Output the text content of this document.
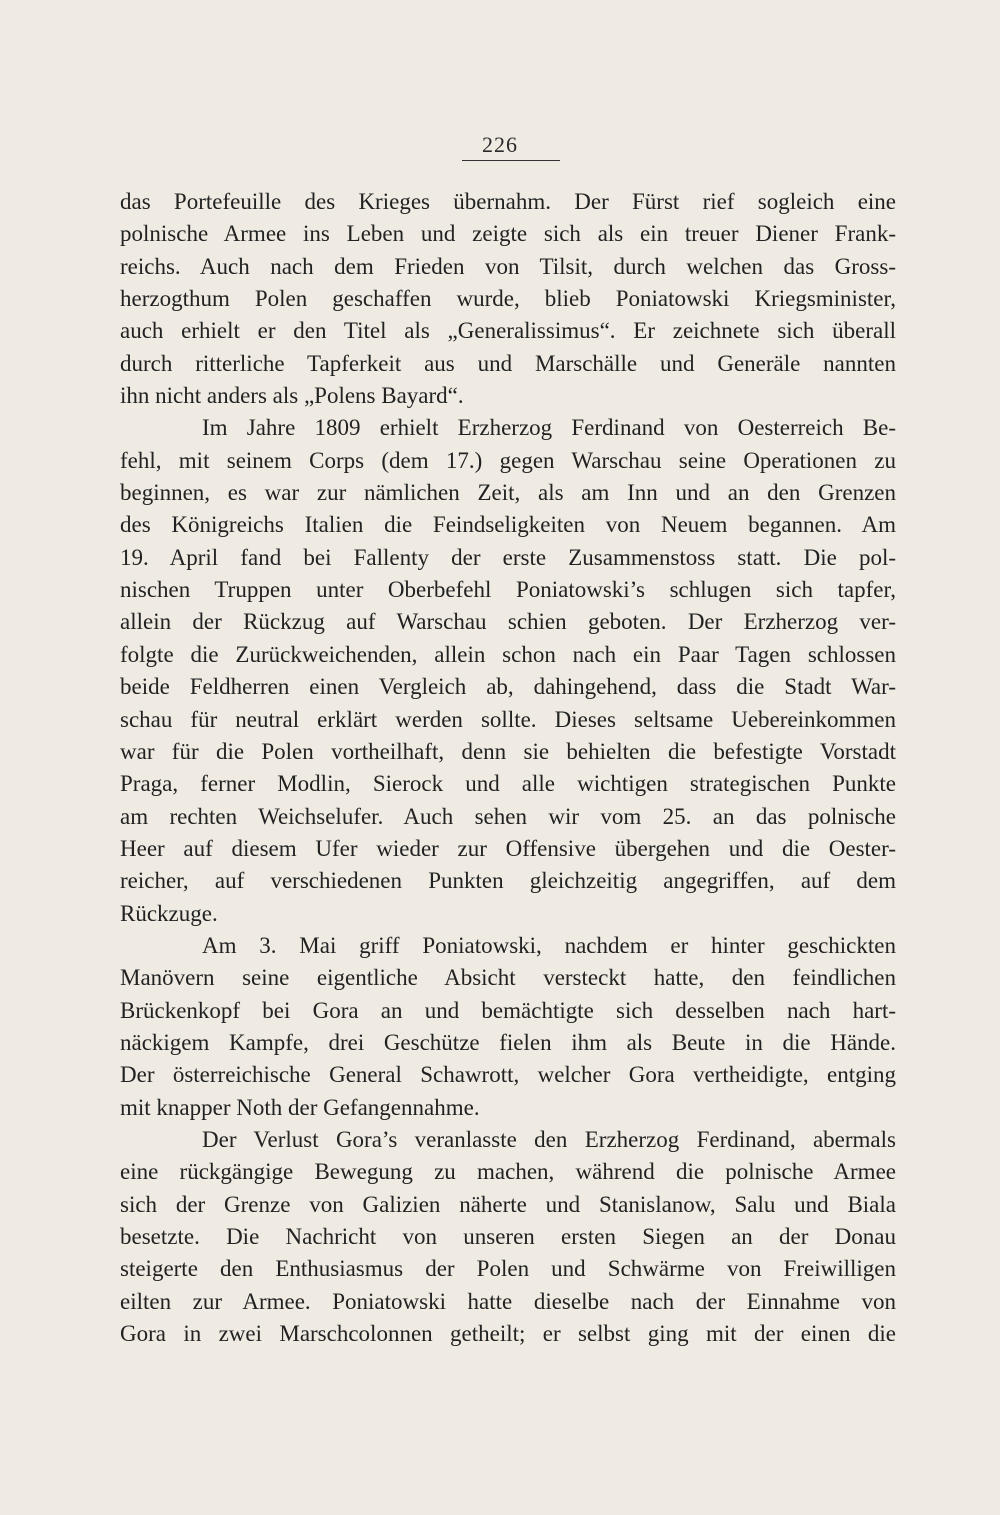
226
das Portefeuille des Krieges übernahm. Der Fürst rief sogleich eine
polnische Armee ins Leben und zeigte sich als ein treuer Diener Frank-
reichs. Auch nach dem Frieden von Tilsit, durch welchen das Gross-
herzogthum Polen geschaffen wurde, blieb Poniatowski Kriegsminister,
auch erhielt er den Titel als „Generalissimus“. Er zeichnete sich überall
durch ritterliche Tapferkeit aus und Marschälle und Generäle nannten
ihn nicht anders als „Polens Bayard“.
Im Jahre 1809 erhielt Erzherzog Ferdinand von Oesterreich Be-
fehl, mit seinem Corps (dem 17.) gegen Warschau seine Operationen zu
beginnen, es war zur nämlichen Zeit, als am Inn und an den Grenzen
des Königreichs Italien die Feindseligkeiten von Neuem begannen. Am
19. April fand bei Fallenty der erste Zusammenstoss statt. Die pol-
nischen Truppen unter Oberbefehl Poniatowski’s schlugen sich tapfer,
allein der Rückzug auf Warschau schien geboten. Der Erzherzog ver-
folgte die Zurückweichenden, allein schon nach ein Paar Tagen schlossen
beide Feldherren einen Vergleich ab, dahingehend, dass die Stadt War-
schau für neutral erklärt werden sollte. Dieses seltsame Uebereinkommen
war für die Polen vortheilhaft, denn sie behielten die befestigte Vorstadt
Praga, ferner Modlin, Sierock und alle wichtigen strategischen Punkte
am rechten Weichselufer. Auch sehen wir vom 25. an das polnische
Heer auf diesem Ufer wieder zur Offensive übergehen und die Oester-
reicher, auf verschiedenen Punkten gleichzeitig angegriffen, auf dem
Rückzuge.
Am 3. Mai griff Poniatowski, nachdem er hinter geschickten
Manövern seine eigentliche Absicht versteckt hatte, den feindlichen
Brückenkopf bei Gora an und bemächtigte sich desselben nach hart-
näckigem Kampfe, drei Geschütze fielen ihm als Beute in die Hände.
Der österreichische General Schawrott, welcher Gora vertheidigte, entging
mit knapper Noth der Gefangennahme.
Der Verlust Gora’s veranlasste den Erzherzog Ferdinand, abermals
eine rückgängige Bewegung zu machen, während die polnische Armee
sich der Grenze von Galizien näherte und Stanislanow, Salu und Biala
besetzte. Die Nachricht von unseren ersten Siegen an der Donau
steigerte den Enthusiasmus der Polen und Schwärme von Freiwilligen
eilten zur Armee. Poniatowski hatte dieselbe nach der Einnahme von
Gora in zwei Marschcolonnen getheilt; er selbst ging mit der einen die
